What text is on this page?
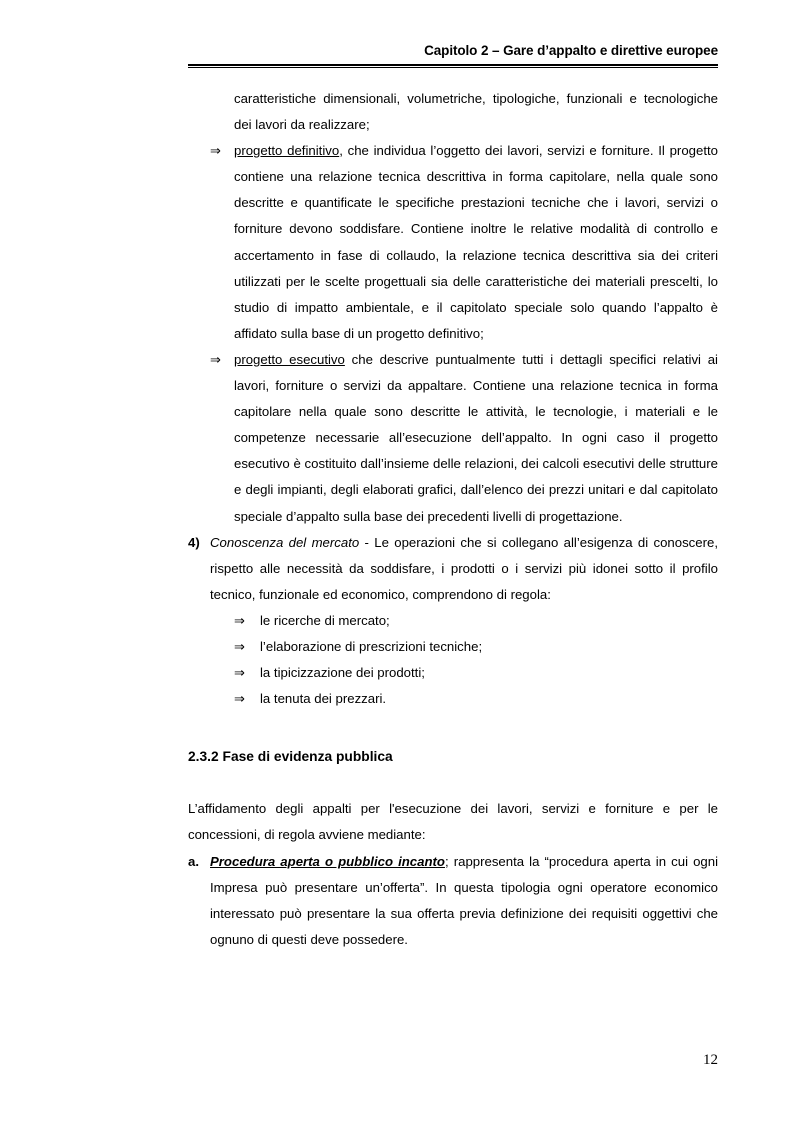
Capitolo 2 – Gare d’appalto e direttive europee

caratteristiche dimensionali, volumetriche, tipologiche, funzionali e tecnologiche dei lavori da realizzare;

⇒ progetto definitivo, che individua l’oggetto dei lavori, servizi e forniture. Il progetto contiene una relazione tecnica descrittiva in forma capitolare, nella quale sono descritte e quantificate le specifiche prestazioni tecniche che i lavori, servizi o forniture devono soddisfare. Contiene inoltre le relative modalità di controllo e accertamento in fase di collaudo, la relazione tecnica descrittiva sia dei criteri utilizzati per le scelte progettuali sia delle caratteristiche dei materiali prescelti, lo studio di impatto ambientale, e il capitolato speciale solo quando l’appalto è affidato sulla base di un progetto definitivo;

⇒ progetto esecutivo che descrive puntualmente tutti i dettagli specifici relativi ai lavori, forniture o servizi da appaltare. Contiene una relazione tecnica in forma capitolare nella quale sono descritte le attività, le tecnologie, i materiali e le competenze necessarie all’esecuzione dell’appalto. In ogni caso il progetto esecutivo è costituito dall’insieme delle relazioni, dei calcoli esecutivi delle strutture e degli impianti, degli elaborati grafici, dall’elenco dei prezzi unitari e dal capitolato speciale d’appalto sulla base dei precedenti livelli di progettazione.

4) Conoscenza del mercato - Le operazioni che si collegano all’esigenza di conoscere, rispetto alle necessità da soddisfare, i prodotti o i servizi più idonei sotto il profilo tecnico, funzionale ed economico, comprendono di regola:

⇒	le ricerche di mercato;

⇒	l’elaborazione di prescrizioni tecniche;

⇒	la tipicizzazione dei prodotti;

⇒	la tenuta dei prezzari.

2.3.2 Fase di evidenza pubblica

L’affidamento degli appalti per l'esecuzione dei lavori, servizi e forniture e per le concessioni, di regola avviene mediante:

a. Procedura aperta o pubblico incanto; rappresenta la “procedura aperta in cui ogni Impresa può presentare un’offerta”. In questa tipologia ogni operatore economico interessato può presentare la sua offerta previa definizione dei requisiti oggettivi che ognuno di questi deve possedere.

12
